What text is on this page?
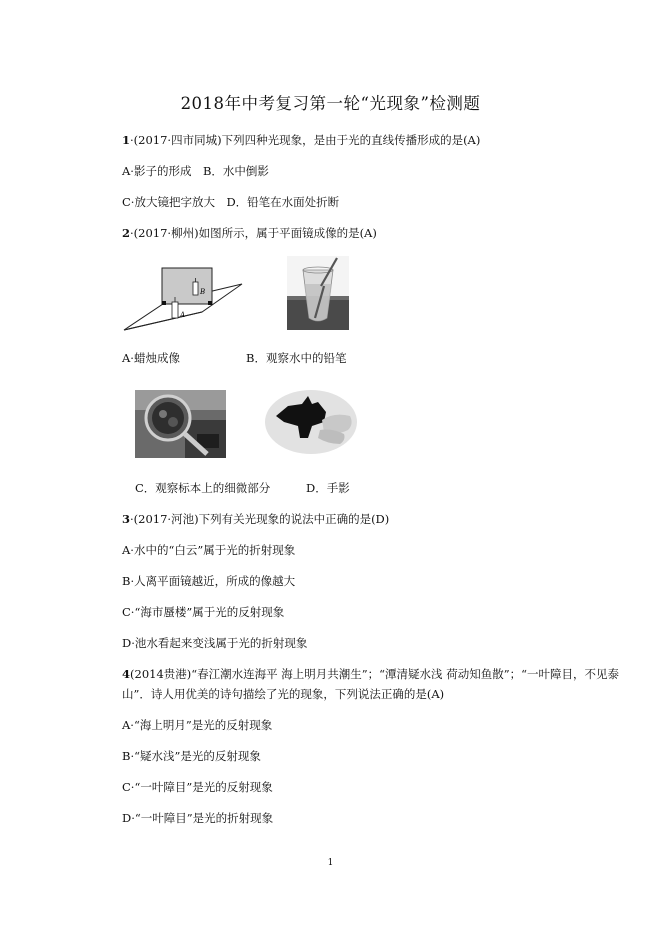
2018年中考复习第一轮“光现象”检测题
1·(2017·四市同城)下列四种光现象，是由于光的直线传播形成的是(A)
A·影子的形成　B．水中倒影
C·放大镜把字放大　D．铅笔在水面处折断
2·(2017·柳州)如图所示，属于平面镜成像的是(A)
B
A
A·蜡烛成像	B．观察水中的铅笔
C．观察标本上的细微部分	D．手影
3·(2017·河池)下列有关光现象的说法中正确的是(D)
A·水中的“白云”属于光的折射现象
B·人离平面镜越近，所成的像越大
C·“海市蜃楼”属于光的反射现象
D·池水看起来变浅属于光的折射现象
4(2014贵港)“春江潮水连海平 海上明月共潮生”；“潭清疑水浅 荷动知鱼散”；“一叶障目，不见泰山”．诗人用优美的诗句描绘了光的现象，下列说法正确的是(A)
A·“海上明月”是光的反射现象
B·“疑水浅”是光的反射现象
C·“一叶障目”是光的反射现象
D·“一叶障目”是光的折射现象
1
